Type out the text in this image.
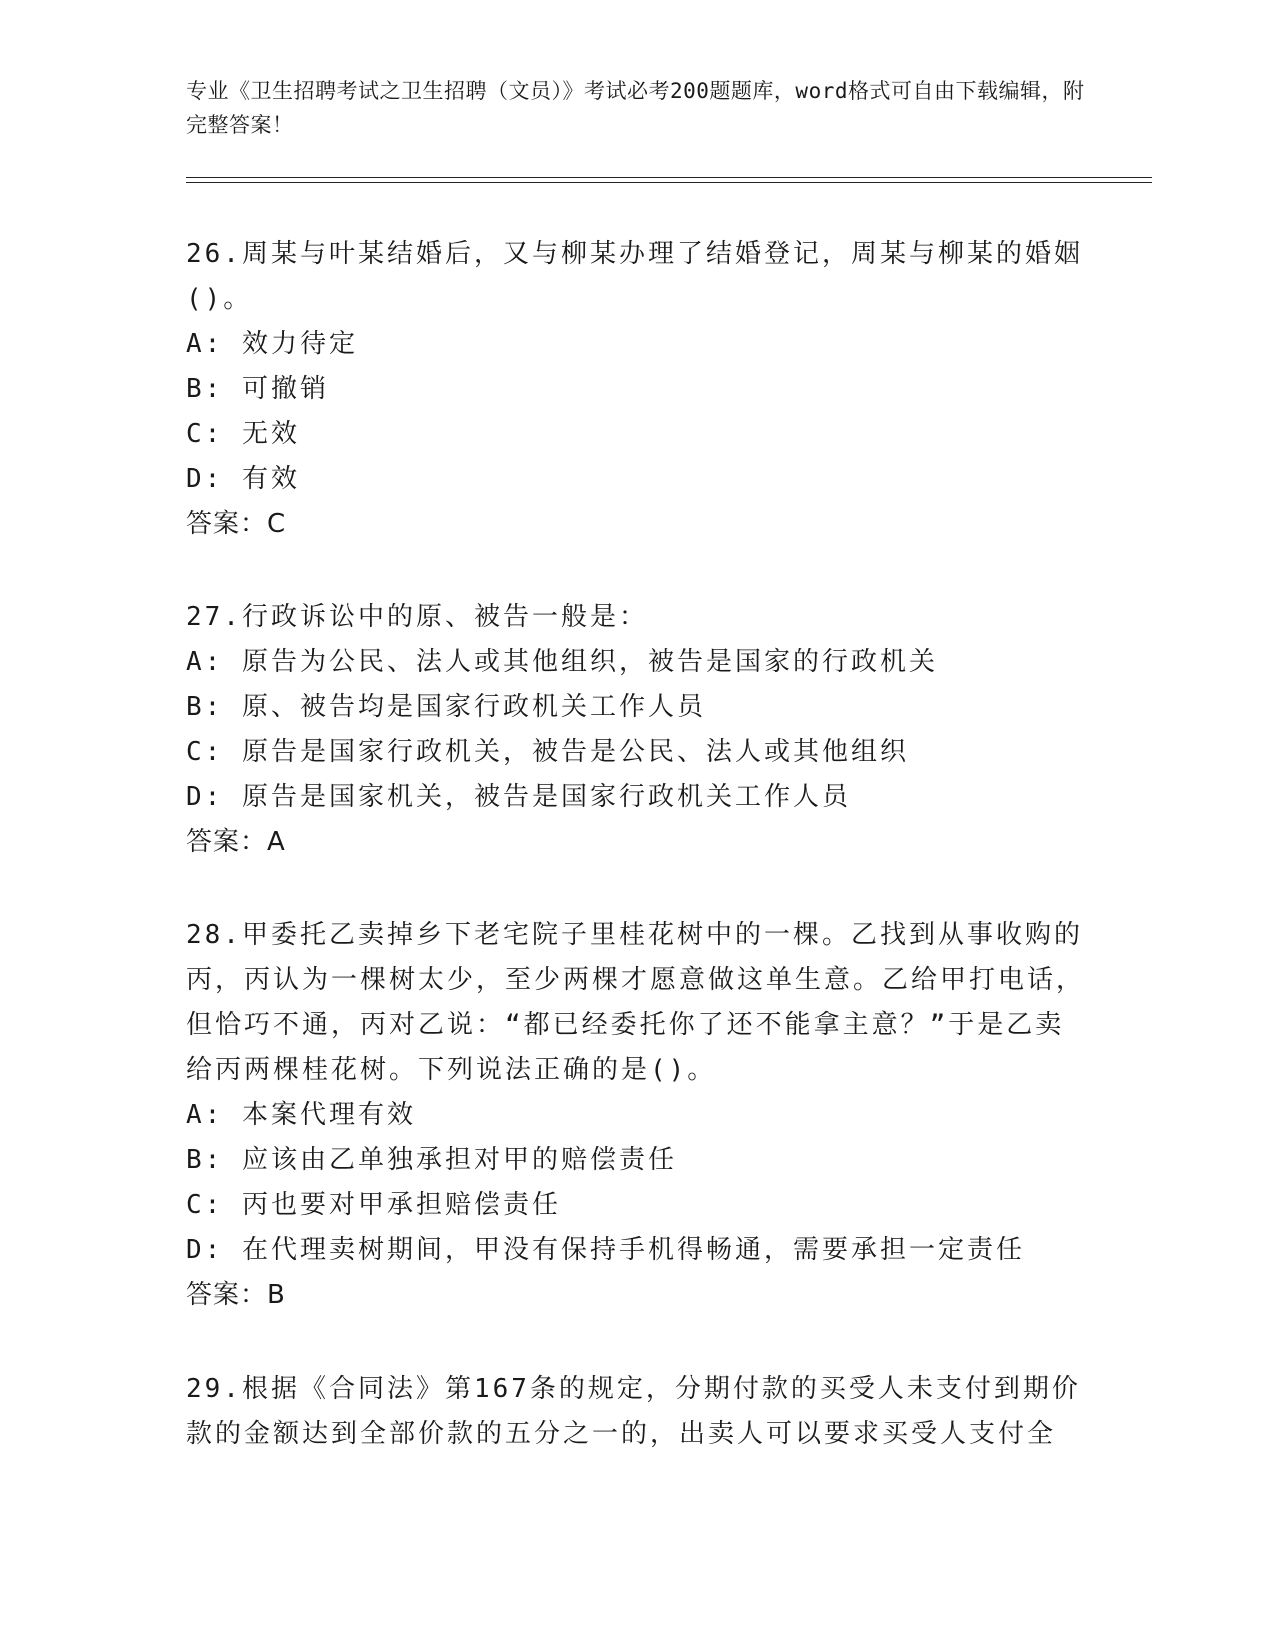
专业《卫生招聘考试之卫生招聘（文员）》考试必考200题题库，word格式可自由下载编辑，附完整答案！

26.周某与叶某结婚后，又与柳某办理了结婚登记，周某与柳某的婚姻()。

A: 效力待定

B: 可撤销

C: 无效

D: 有效

答案：C

27.行政诉讼中的原、被告一般是：

A: 原告为公民、法人或其他组织，被告是国家的行政机关

B: 原、被告均是国家行政机关工作人员

C: 原告是国家行政机关，被告是公民、法人或其他组织

D: 原告是国家机关，被告是国家行政机关工作人员

答案：A

28.甲委托乙卖掉乡下老宅院子里桂花树中的一棵。乙找到从事收购的丙，丙认为一棵树太少，至少两棵才愿意做这单生意。乙给甲打电话，但恰巧不通，丙对乙说：“都已经委托你了还不能拿主意？”于是乙卖给丙两棵桂花树。下列说法正确的是()。

A: 本案代理有效

B: 应该由乙单独承担对甲的赔偿责任

C: 丙也要对甲承担赔偿责任

D: 在代理卖树期间，甲没有保持手机得畅通，需要承担一定责任

答案：B

29.根据《合同法》第167条的规定，分期付款的买受人未支付到期价款的金额达到全部价款的五分之一的，出卖人可以要求买受人支付全
